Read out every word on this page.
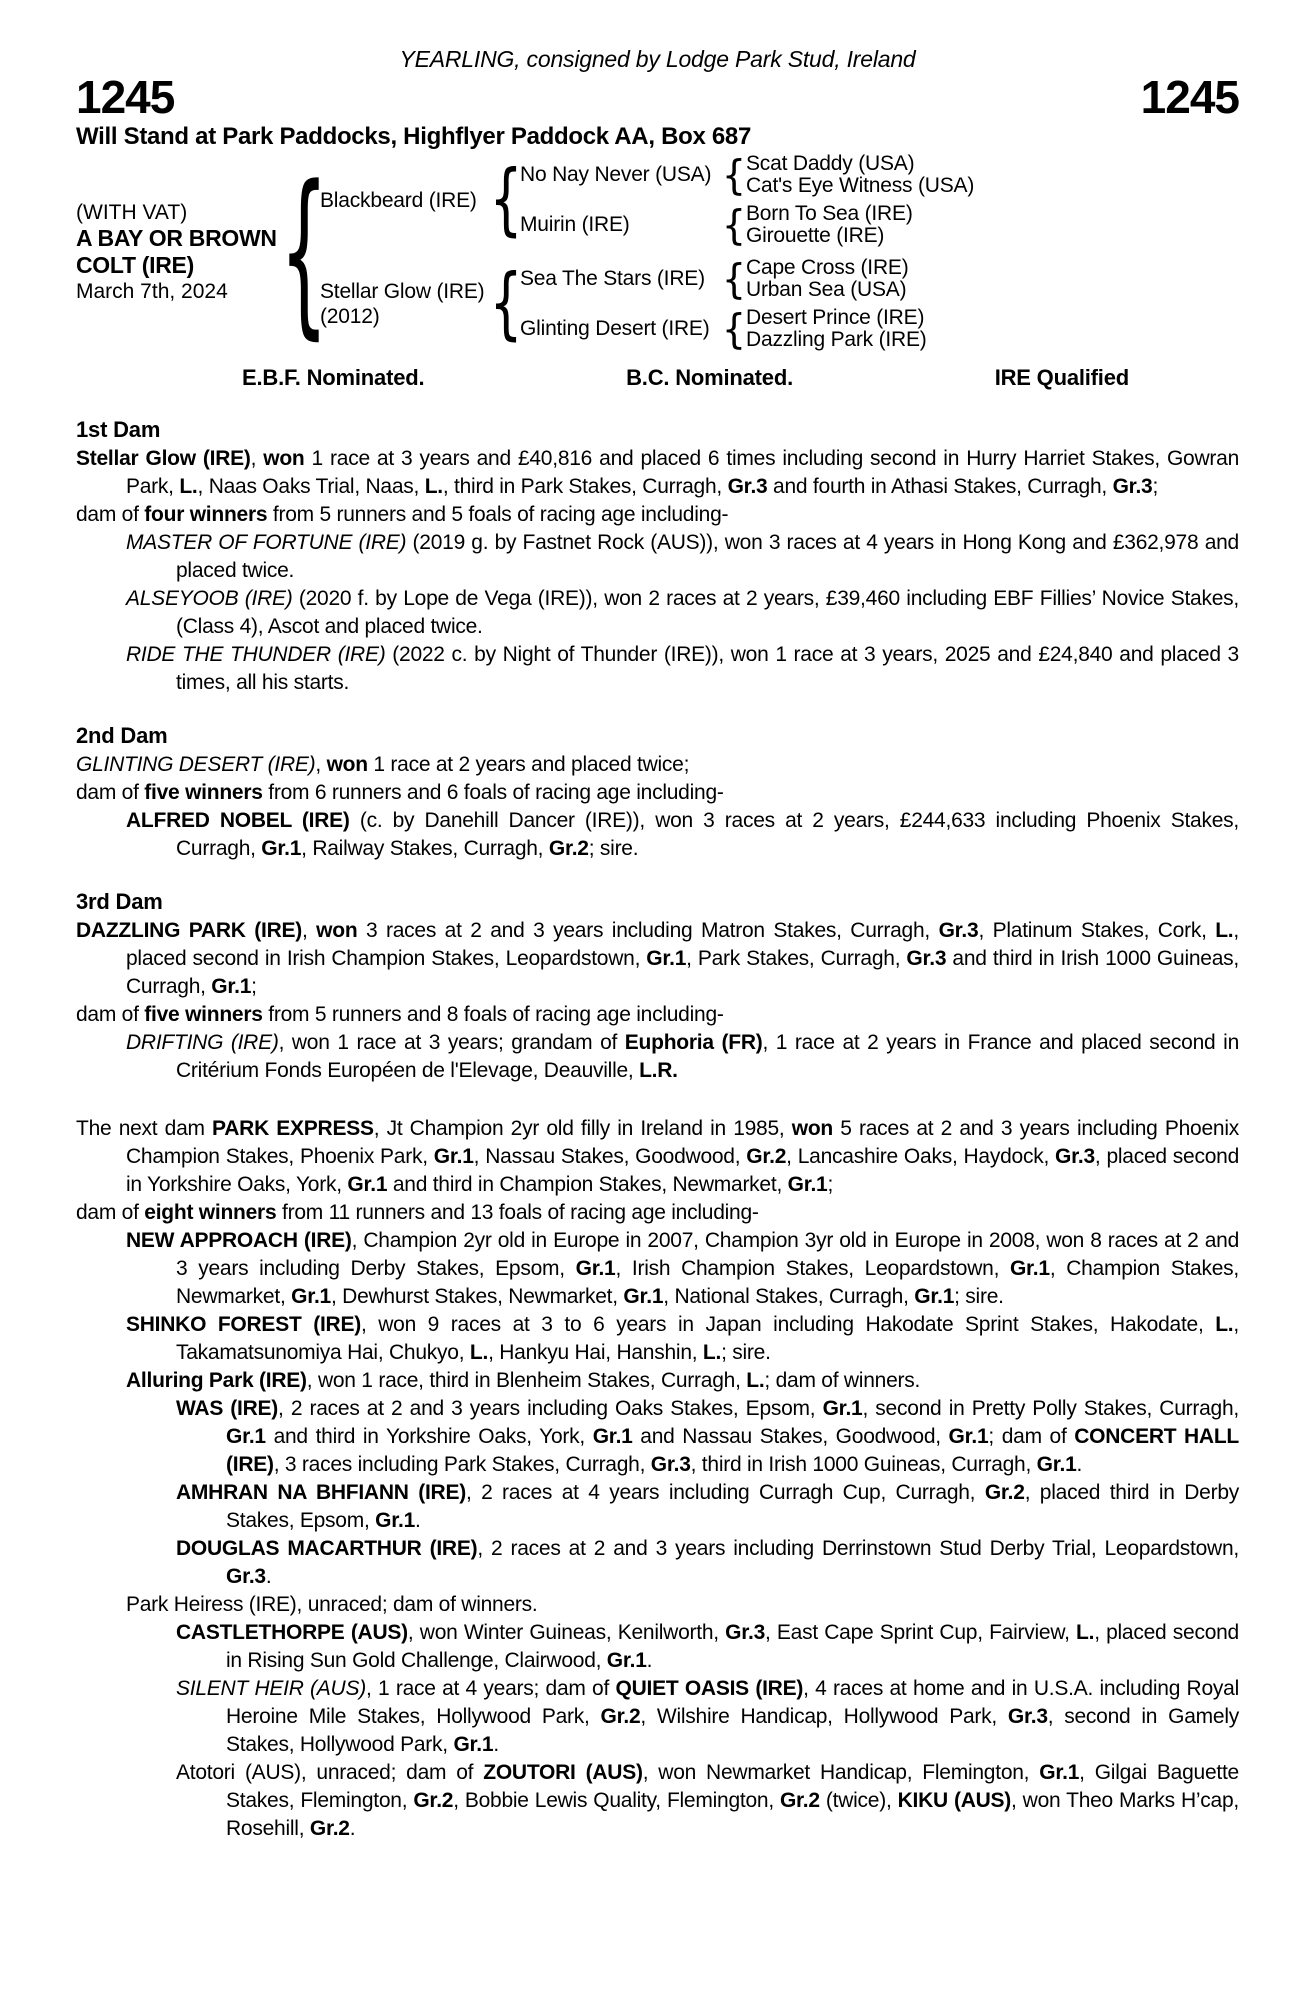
YEARLING, consigned by Lodge Park Stud, Ireland
1245	1245
Will Stand at Park Paddocks, Highflyer Paddock AA, Box 687
(WITH VAT)
A BAY OR BROWN
COLT (IRE)
March 7th, 2024 {
Blackbeard (IRE) {
No Nay Never (USA) { Scat Daddy (USA)
Cat's Eye Witness (USA)
Muirin (IRE)	{ Born To Sea (IRE)
Girouette (IRE)
Stellar Glow (IRE)
(2012)	{
Sea The Stars (IRE) { Cape Cross (IRE)
Urban Sea (USA)
Glinting Desert (IRE) { Desert Prince (IRE)
Dazzling Park (IRE)
E.B.F. Nominated.	B.C. Nominated.	IRE Qualified
1st Dam

Stellar Glow (IRE), won 1 race at 3 years and £40,816 and placed 6 times including second in Hurry Harriet Stakes, Gowran Park, L., Naas Oaks Trial, Naas, L., third in Park Stakes, Curragh, Gr.3 and fourth in Athasi Stakes, Curragh, Gr.3;

dam of four winners from 5 runners and 5 foals of racing age including-

MASTER OF FORTUNE (IRE) (2019 g. by Fastnet Rock (AUS)), won 3 races at 4 years in Hong Kong and £362,978 and placed twice.

ALSEYOOB (IRE) (2020 f. by Lope de Vega (IRE)), won 2 races at 2 years, £39,460 including EBF Fillies’ Novice Stakes, (Class 4), Ascot and placed twice.

RIDE THE THUNDER (IRE) (2022 c. by Night of Thunder (IRE)), won 1 race at 3 years, 2025 and £24,840 and placed 3 times, all his starts.

2nd Dam

GLINTING DESERT (IRE), won 1 race at 2 years and placed twice;

dam of five winners from 6 runners and 6 foals of racing age including-

ALFRED NOBEL (IRE) (c. by Danehill Dancer (IRE)), won 3 races at 2 years, £244,633 including Phoenix Stakes, Curragh, Gr.1, Railway Stakes, Curragh, Gr.2; sire.

3rd Dam

DAZZLING PARK (IRE), won 3 races at 2 and 3 years including Matron Stakes, Curragh, Gr.3, Platinum Stakes, Cork, L., placed second in Irish Champion Stakes, Leopardstown, Gr.1, Park Stakes, Curragh, Gr.3 and third in Irish 1000 Guineas, Curragh, Gr.1;

dam of five winners from 5 runners and 8 foals of racing age including-

DRIFTING (IRE), won 1 race at 3 years; grandam of Euphoria (FR), 1 race at 2 years in France and placed second in Critérium Fonds Européen de l'Elevage, Deauville, L.R.

The next dam PARK EXPRESS, Jt Champion 2yr old filly in Ireland in 1985, won 5 races at 2 and 3 years including Phoenix Champion Stakes, Phoenix Park, Gr.1, Nassau Stakes, Goodwood, Gr.2, Lancashire Oaks, Haydock, Gr.3, placed second in Yorkshire Oaks, York, Gr.1 and third in Champion Stakes, Newmarket, Gr.1;

dam of eight winners from 11 runners and 13 foals of racing age including-

NEW APPROACH (IRE), Champion 2yr old in Europe in 2007, Champion 3yr old in Europe in 2008, won 8 races at 2 and 3 years including Derby Stakes, Epsom, Gr.1, Irish Champion Stakes, Leopardstown, Gr.1, Champion Stakes, Newmarket, Gr.1, Dewhurst Stakes, Newmarket, Gr.1, National Stakes, Curragh, Gr.1; sire.

SHINKO FOREST (IRE), won 9 races at 3 to 6 years in Japan including Hakodate Sprint Stakes, Hakodate, L., Takamatsunomiya Hai, Chukyo, L., Hankyu Hai, Hanshin, L.; sire.

Alluring Park (IRE), won 1 race, third in Blenheim Stakes, Curragh, L.; dam of winners.

WAS (IRE), 2 races at 2 and 3 years including Oaks Stakes, Epsom, Gr.1, second in Pretty Polly Stakes, Curragh, Gr.1 and third in Yorkshire Oaks, York, Gr.1 and Nassau Stakes, Goodwood, Gr.1; dam of CONCERT HALL (IRE), 3 races including Park Stakes, Curragh, Gr.3, third in Irish 1000 Guineas, Curragh, Gr.1.

AMHRAN NA BHFIANN (IRE), 2 races at 4 years including Curragh Cup, Curragh, Gr.2, placed third in Derby Stakes, Epsom, Gr.1.

DOUGLAS MACARTHUR (IRE), 2 races at 2 and 3 years including Derrinstown Stud Derby Trial, Leopardstown, Gr.3.

Park Heiress (IRE), unraced; dam of winners.

CASTLETHORPE (AUS), won Winter Guineas, Kenilworth, Gr.3, East Cape Sprint Cup, Fairview, L., placed second in Rising Sun Gold Challenge, Clairwood, Gr.1.

SILENT HEIR (AUS), 1 race at 4 years; dam of QUIET OASIS (IRE), 4 races at home and in U.S.A. including Royal Heroine Mile Stakes, Hollywood Park, Gr.2, Wilshire Handicap, Hollywood Park, Gr.3, second in Gamely Stakes, Hollywood Park, Gr.1.

Atotori (AUS), unraced; dam of ZOUTORI (AUS), won Newmarket Handicap, Flemington, Gr.1, Gilgai Baguette Stakes, Flemington, Gr.2, Bobbie Lewis Quality, Flemington, Gr.2 (twice), KIKU (AUS), won Theo Marks H’cap, Rosehill, Gr.2.
